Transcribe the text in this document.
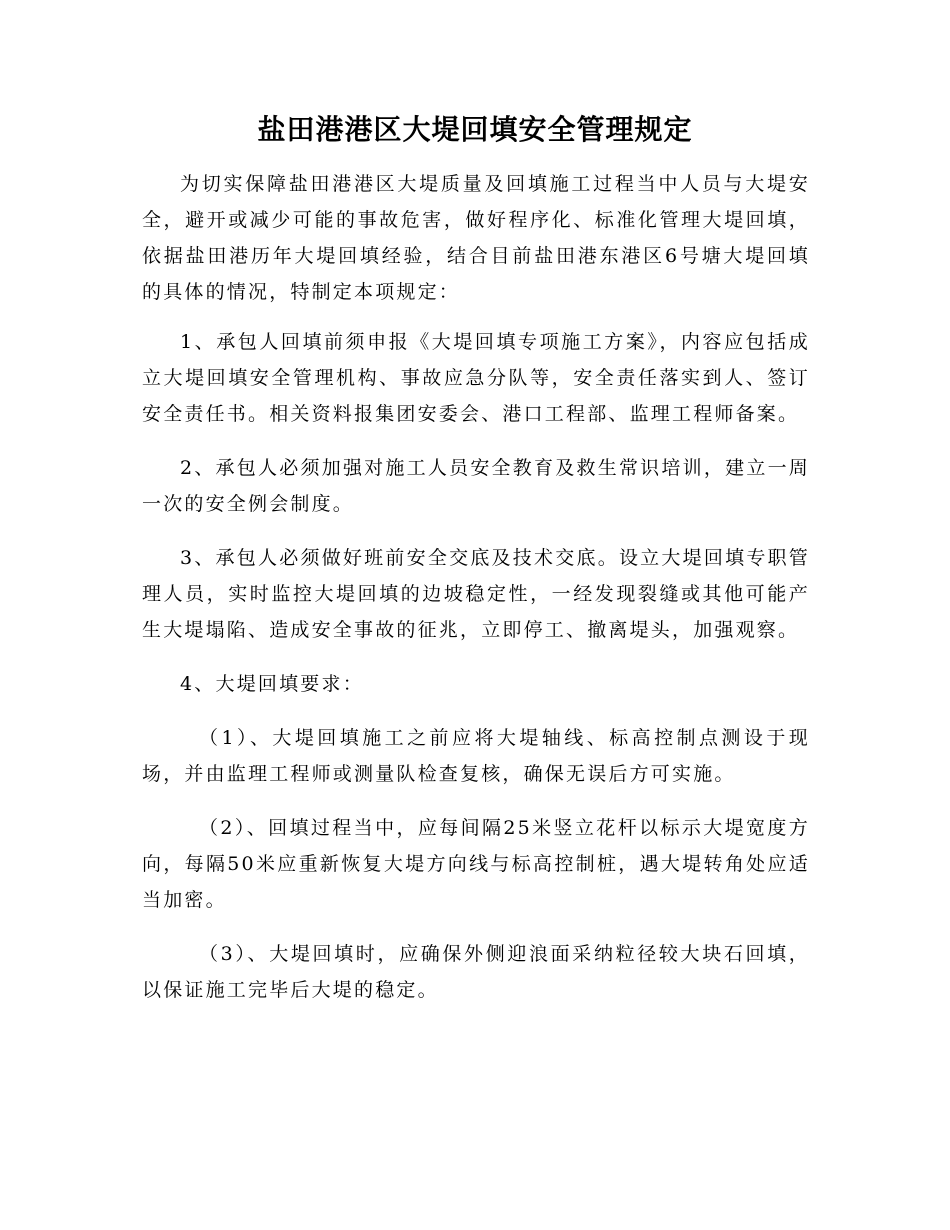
盐田港港区大堤回填安全管理规定

为切实保障盐田港港区大堤质量及回填施工过程当中人员与大堤安全，避开或减少可能的事故危害，做好程序化、标准化管理大堤回填，依据盐田港历年大堤回填经验，结合目前盐田港东港区6号塘大堤回填的具体的情况，特制定本项规定：

1、承包人回填前须申报《大堤回填专项施工方案》，内容应包括成立大堤回填安全管理机构、事故应急分队等，安全责任落实到人、签订安全责任书。相关资料报集团安委会、港口工程部、监理工程师备案。

2、承包人必须加强对施工人员安全教育及救生常识培训，建立一周一次的安全例会制度。

3、承包人必须做好班前安全交底及技术交底。设立大堤回填专职管理人员，实时监控大堤回填的边坡稳定性，一经发现裂缝或其他可能产生大堤塌陷、造成安全事故的征兆，立即停工、撤离堤头，加强观察。

4、大堤回填要求：

（1）、大堤回填施工之前应将大堤轴线、标高控制点测设于现场，并由监理工程师或测量队检查复核，确保无误后方可实施。

（2）、回填过程当中，应每间隔25米竖立花杆以标示大堤宽度方向，每隔50米应重新恢复大堤方向线与标高控制桩，遇大堤转角处应适当加密。

（3）、大堤回填时，应确保外侧迎浪面采纳粒径较大块石回填，以保证施工完毕后大堤的稳定。
